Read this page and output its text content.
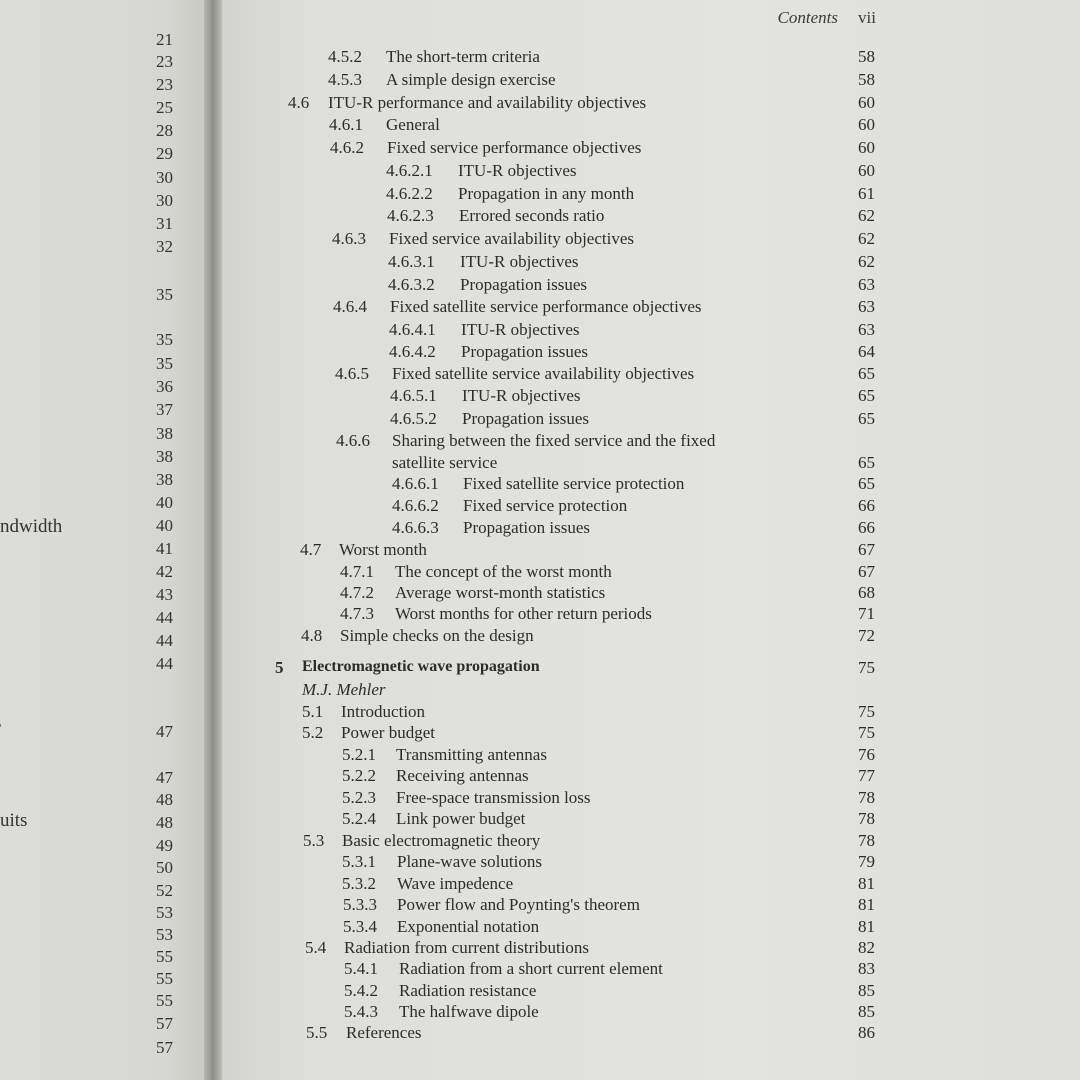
21
23
23
25
28
29
30
30
31
32
35
35
35
36
37
38
38
38
40
40
41
42
43
44
44
44
47
47
48
48
49
50
52
53
53
55
55
55
57
57
ndwidth
uits
Contents vii
4.5.2 The short-term criteria	58
4.5.3 A simple design exercise	58
4.6 ITU-R performance and availability objectives	60
4.6.1 General	60
4.6.2 Fixed service performance objectives	60
4.6.2.1 ITU-R objectives	60
4.6.2.2 Propagation in any month	61
4.6.2.3 Errored seconds ratio	62
4.6.3 Fixed service availability objectives	62
4.6.3.1 ITU-R objectives	62
4.6.3.2 Propagation issues	63
4.6.4 Fixed satellite service performance objectives	63
4.6.4.1 ITU-R objectives	63
4.6.4.2 Propagation issues	64
4.6.5 Fixed satellite service availability objectives	65
4.6.5.1 ITU-R objectives	65
4.6.5.2 Propagation issues	65
4.6.6 Sharing between the fixed service and the fixed
satellite service	65
4.6.6.1 Fixed satellite service protection	65
4.6.6.2 Fixed service protection	66
4.6.6.3 Propagation issues	66
4.7 Worst month	67
4.7.1 The concept of the worst month	67
4.7.2 Average worst-month statistics	68
4.7.3 Worst months for other return periods	71
4.8 Simple checks on the design	72
5 Electromagnetic wave propagation	75
M.J. Mehler
5.1 Introduction	75
5.2 Power budget	75
5.2.1 Transmitting antennas	76
5.2.2 Receiving antennas	77
5.2.3 Free-space transmission loss	78
5.2.4 Link power budget	78
5.3 Basic electromagnetic theory	78
5.3.1 Plane-wave solutions	79
5.3.2 Wave impedence	81
5.3.3 Power flow and Poynting's theorem	81
5.3.4 Exponential notation	81
5.4 Radiation from current distributions	82
5.4.1 Radiation from a short current element	83
5.4.2 Radiation resistance	85
5.4.3 The halfwave dipole	85
5.5 References	86
